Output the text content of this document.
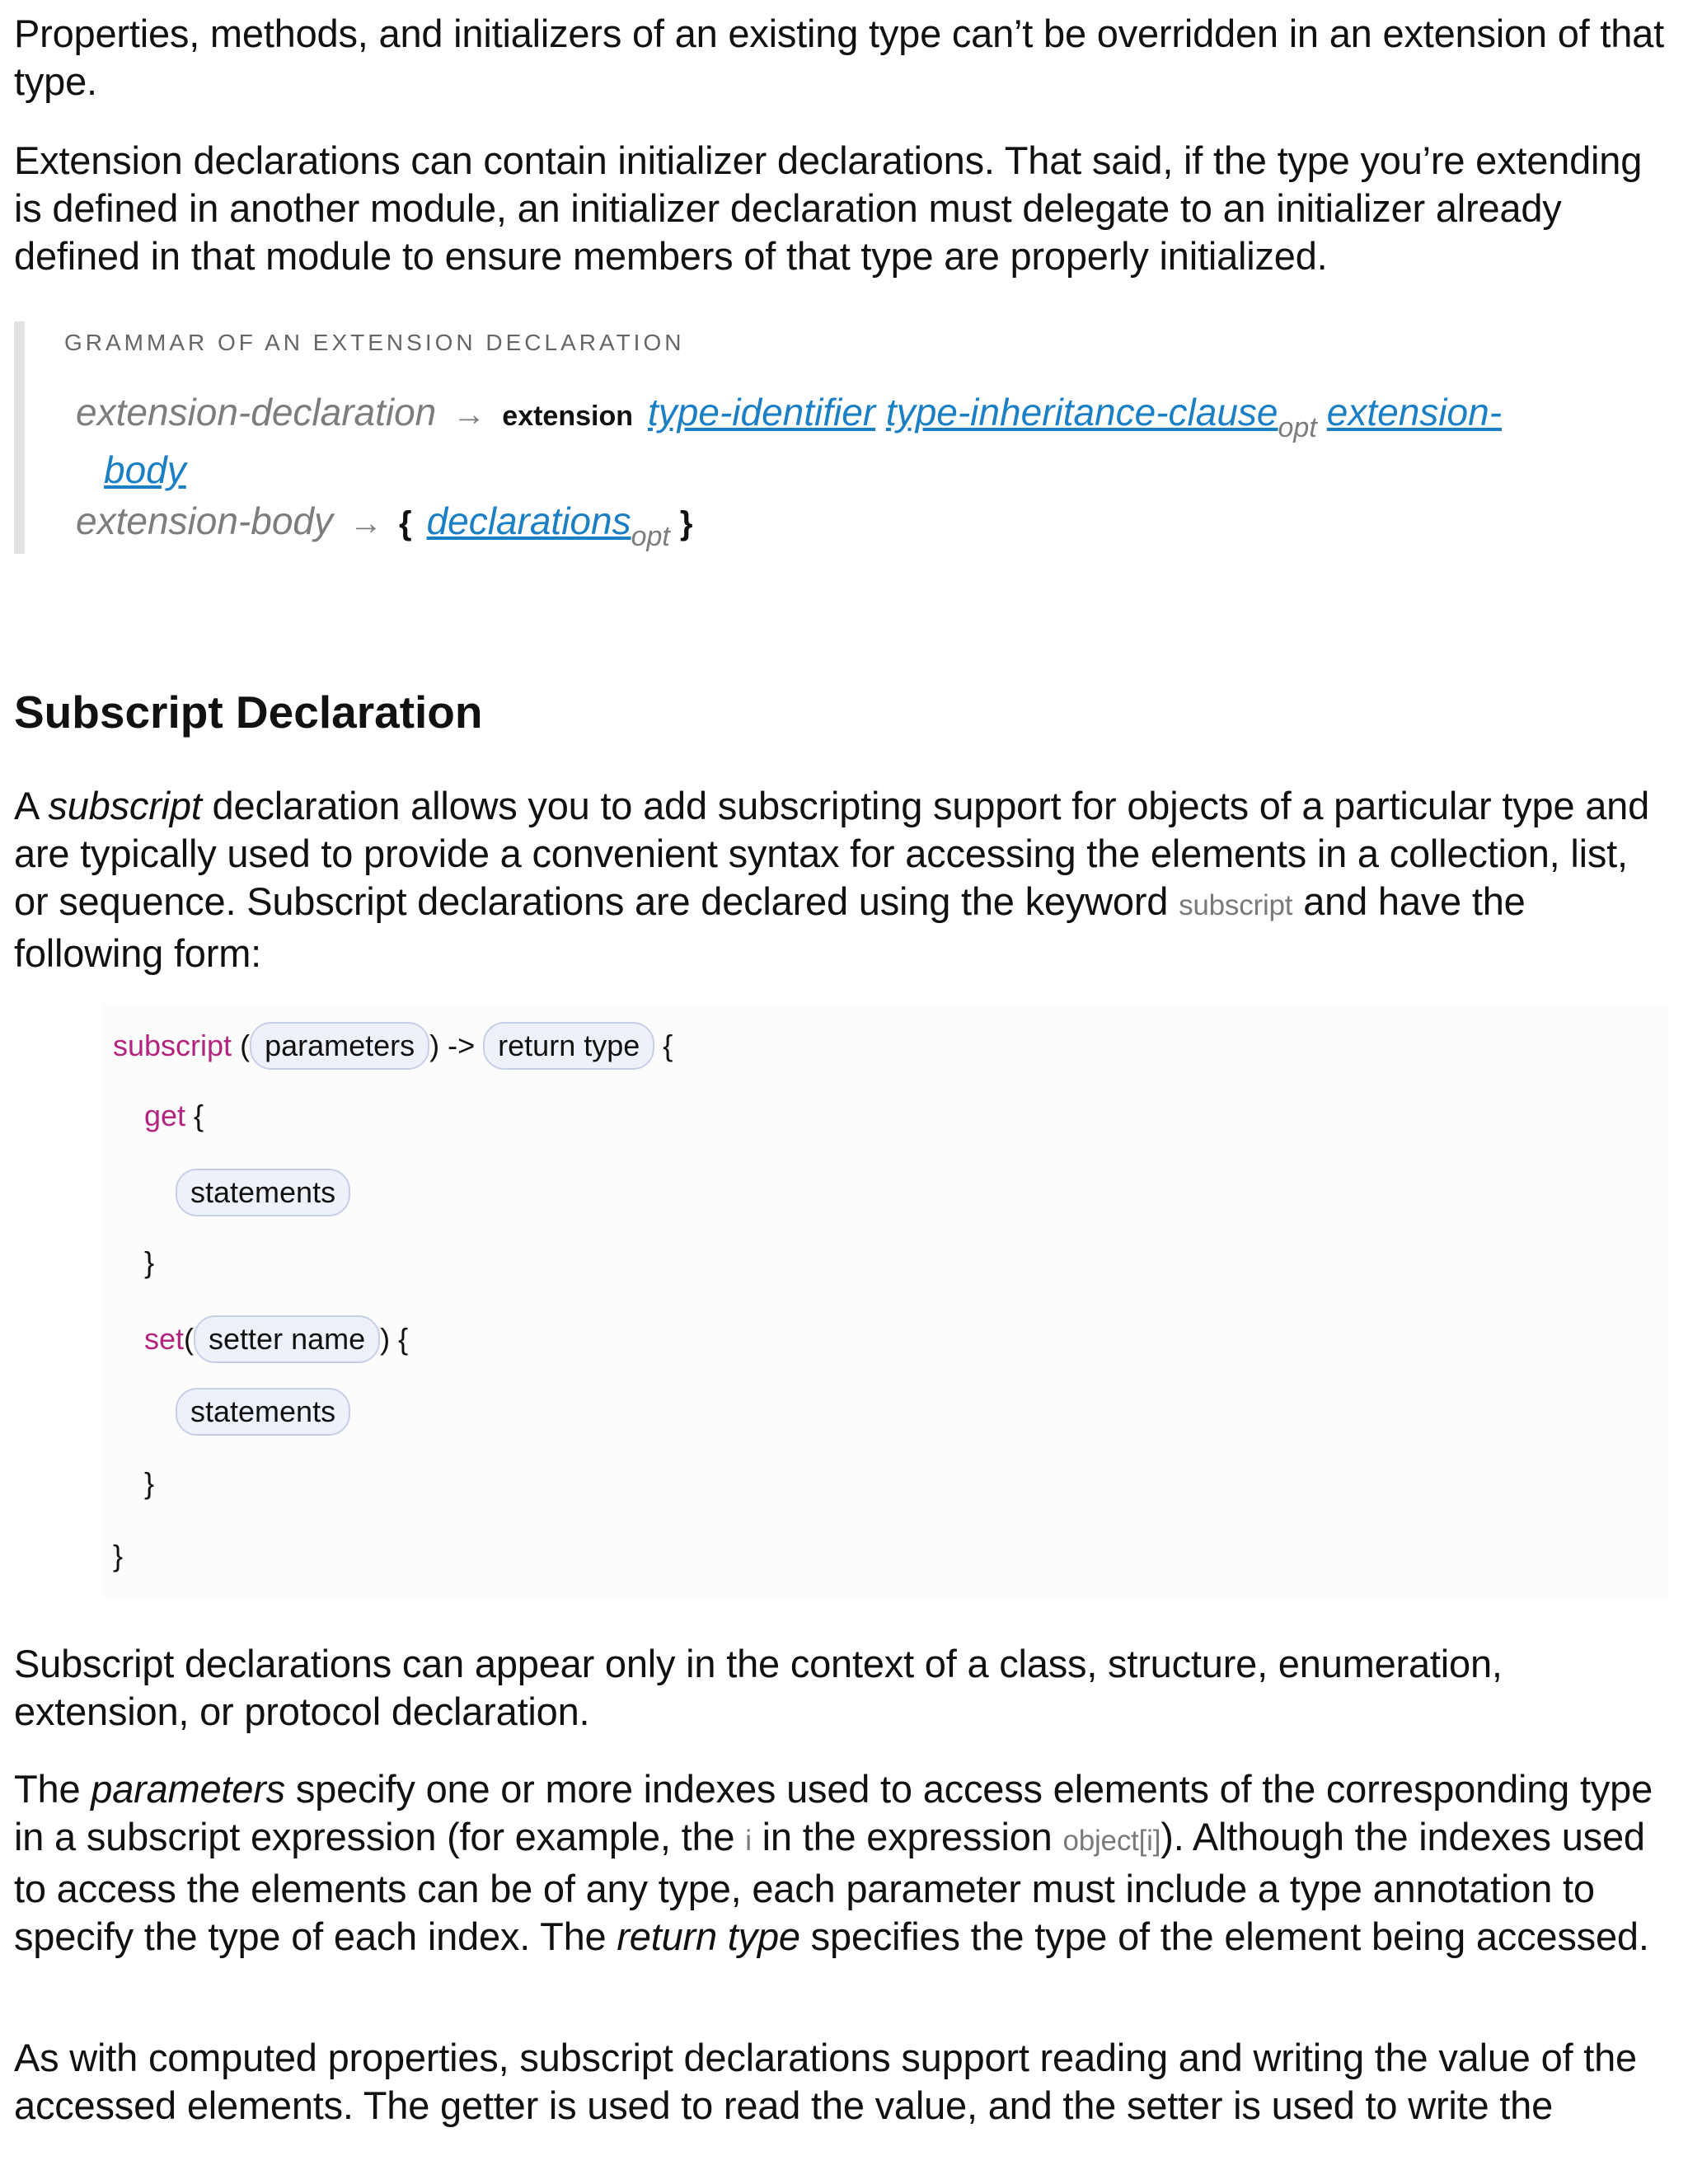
Properties, methods, and initializers of an existing type can’t be overridden in an extension of that type.

Extension declarations can contain initializer declarations. That said, if the type you’re extending is defined in another module, an initializer declaration must delegate to an initializer already defined in that module to ensure members of that type are properly initialized.

GRAMMAR OF AN EXTENSION DECLARATION
extension-declaration → extension type-identifier type-inheritance-clause$_{opt}$ extension-
body
extension-body → { declarations$_{opt}$ }
Subscript Declaration

A subscript declaration allows you to add subscripting support for objects of a particular type and are typically used to provide a convenient syntax for accessing the elements in a collection, list, or sequence. Subscript declarations are declared using the keyword subscript and have the following form:

subscript ( parameters ) -> return type {
get {
statements
}
set( setter name ) {
statements
}
}

Subscript declarations can appear only in the context of a class, structure, enumeration, extension, or protocol declaration.

The parameters specify one or more indexes used to access elements of the corresponding type in a subscript expression (for example, the i in the expression object[i]). Although the indexes used to access the elements can be of any type, each parameter must include a type annotation to specify the type of each index. The return type specifies the type of the element being accessed.

As with computed properties, subscript declarations support reading and writing the value of the accessed elements. The getter is used to read the value, and the setter is used to write the
